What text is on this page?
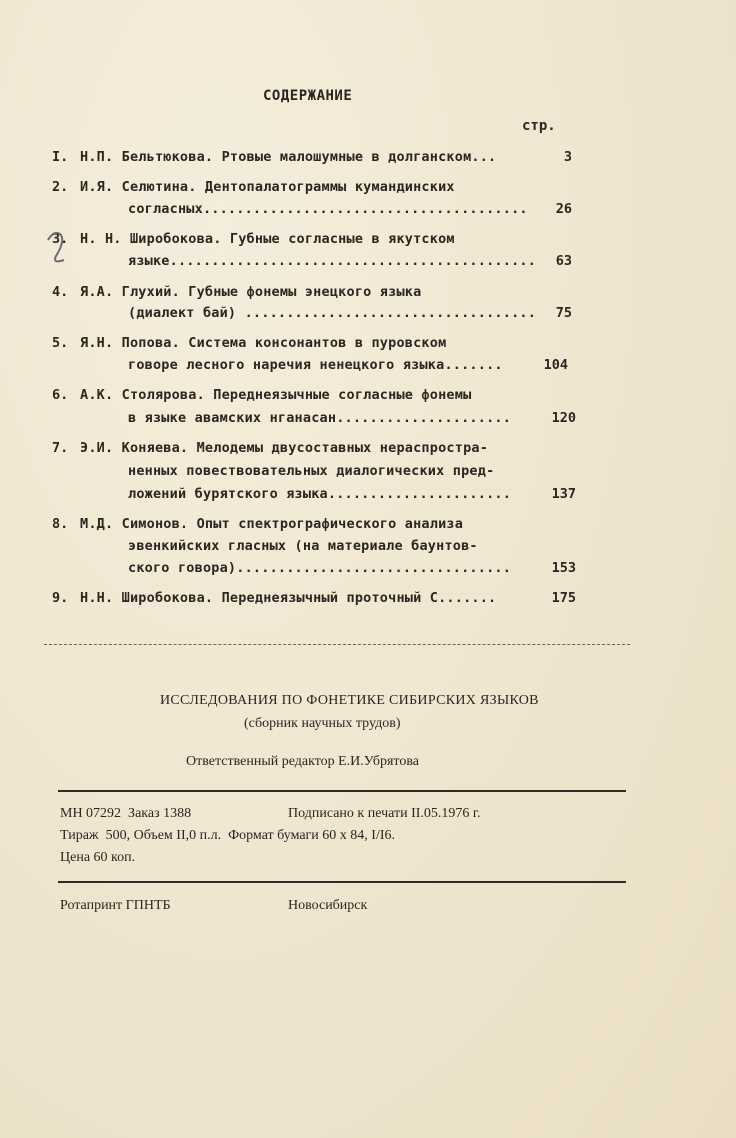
СОДЕРЖАНИЕ
стр.
I. Н.П. Бельтюкова. Ртовые малошумные в долганском...	3
2. И.Я. Селютина. Дентопалатограммы кумандинских
согласных.......................................	26
3. Н. Н. Широбокова. Губные согласные в якутском
языке............................................	63
4. Я.А. Глухий. Губные фонемы энецкого языка
(диалект бай) ...................................	75
5. Я.Н. Попова. Система консонантов в пуровском
говоре лесного наречия ненецкого языка.......	104
6. А.К. Столярова. Переднеязычные согласные фонемы
в языке авамских нганасан.....................	120
7. Э.И. Коняева. Мелодемы двусоставных нераспростра-
ненных повествовательных диалогических пред-
ложений бурятского языка......................	137
8. М.Д. Симонов. Опыт спектрографического анализа
эвенкийских гласных (на материале баунтов-
ского говора).................................	153
9. Н.Н. Широбокова. Переднеязычный проточный С.......	175
ИССЛЕДОВАНИЯ ПО ФОНЕТИКЕ СИБИРСКИХ ЯЗЫКОВ
(сборник научных трудов)
Ответственный редактор Е.И.Убрятова
МН 07292  Заказ 1388	Подписано к печати II.05.1976 г.
Тираж  500, Объем II,0 п.л.  Формат бумаги 60 х 84, I/I6.
Цена 60 коп.
Ротапринт ГПНТБ	Новосибирск
